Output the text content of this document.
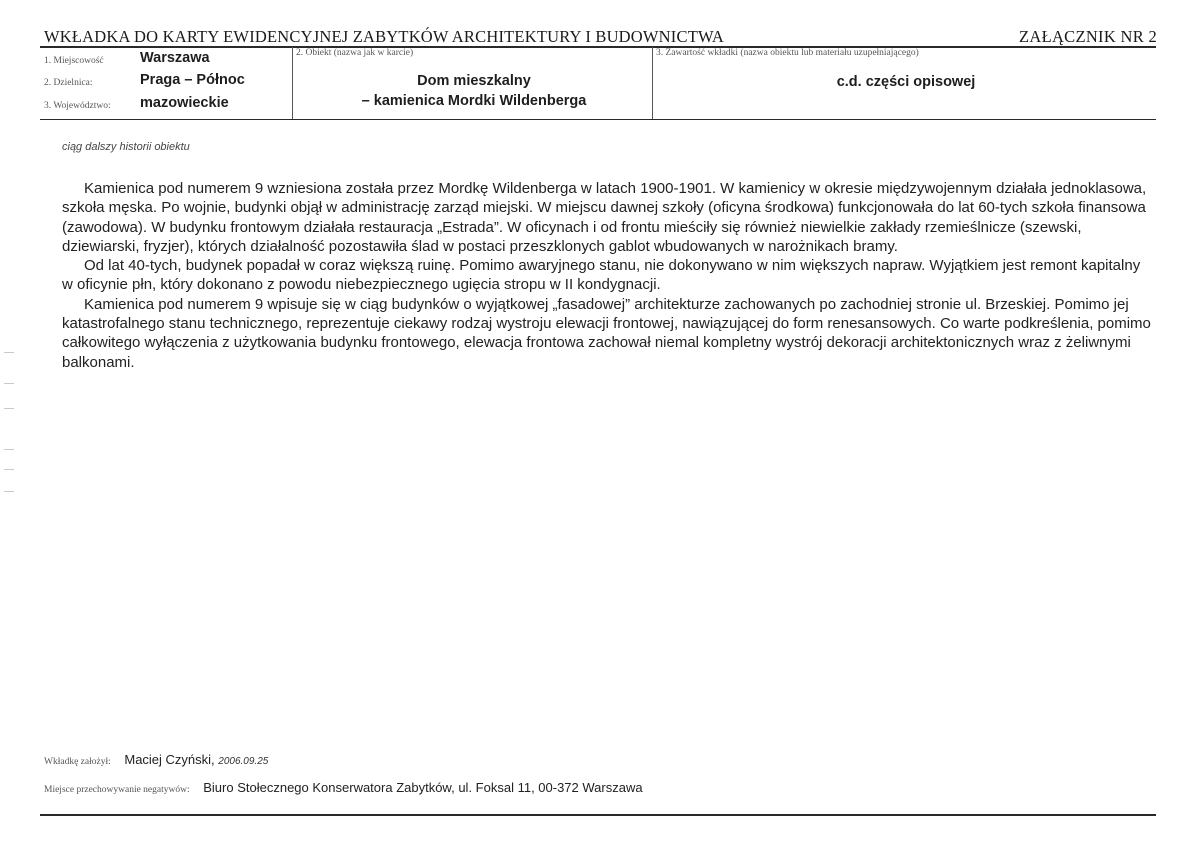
WKŁADKA DO KARTY EWIDENCYJNEJ ZABYTKÓW ARCHITEKTURY I BUDOWNICTWA	ZAŁĄCZNIK NR 2
1. Miejscowość	Warszawa
2. Dzielnica:	Praga – Północ
3. Województwo: mazowieckie
2. Obiekt (nazwa jak w karcie)
Dom mieszkalny
– kamienica Mordki Wildenberga
3. Zawartość wkładki (nazwa obiektu lub materiału uzupełniającego)
c.d. części opisowej
ciąg dalszy historii obiektu

Kamienica pod numerem 9 wzniesiona została przez Mordkę Wildenberga w latach 1900-1901. W kamienicy w okresie międzywojennym działała jednoklasowa, szkoła męska. Po wojnie, budynki objął w administrację zarząd miejski. W miejscu dawnej szkoły (oficyna środkowa) funkcjonowała do lat 60-tych szkoła finansowa (zawodowa). W budynku frontowym działała restauracja „Estrada”. W oficynach i od frontu mieściły się również niewielkie zakłady rzemieślnicze (szewski, dziewiarski, fryzjer), których działalność pozostawiła ślad w postaci przeszklonych gablot wbudowanych w narożnikach bramy.

Od lat 40-tych, budynek popadał w coraz większą ruinę. Pomimo awaryjnego stanu, nie dokonywano w nim większych napraw. Wyjątkiem jest remont kapitalny w oficynie płn, który dokonano z powodu niebezpiecznego ugięcia stropu w II kondygnacji.

Kamienica pod numerem 9 wpisuje się w ciąg budynków o wyjątkowej „fasadowej” architekturze zachowanych po zachodniej stronie ul. Brzeskiej. Pomimo jej katastrofalnego stanu technicznego, reprezentuje ciekawy rodzaj wystroju elewacji frontowej, nawiązującej do form renesansowych. Co warte podkreślenia, pomimo całkowitego wyłączenia z użytkowania budynku frontowego, elewacja frontowa zachował niemal kompletny wystrój dekoracji architektonicznych wraz z żeliwnymi balkonami.

Wkładkę założył: Maciej Czyński, 2006.09.25
Miejsce przechowywanie negatywów: Biuro Stołecznego Konserwatora Zabytków, ul. Foksal 11, 00-372 Warszawa
